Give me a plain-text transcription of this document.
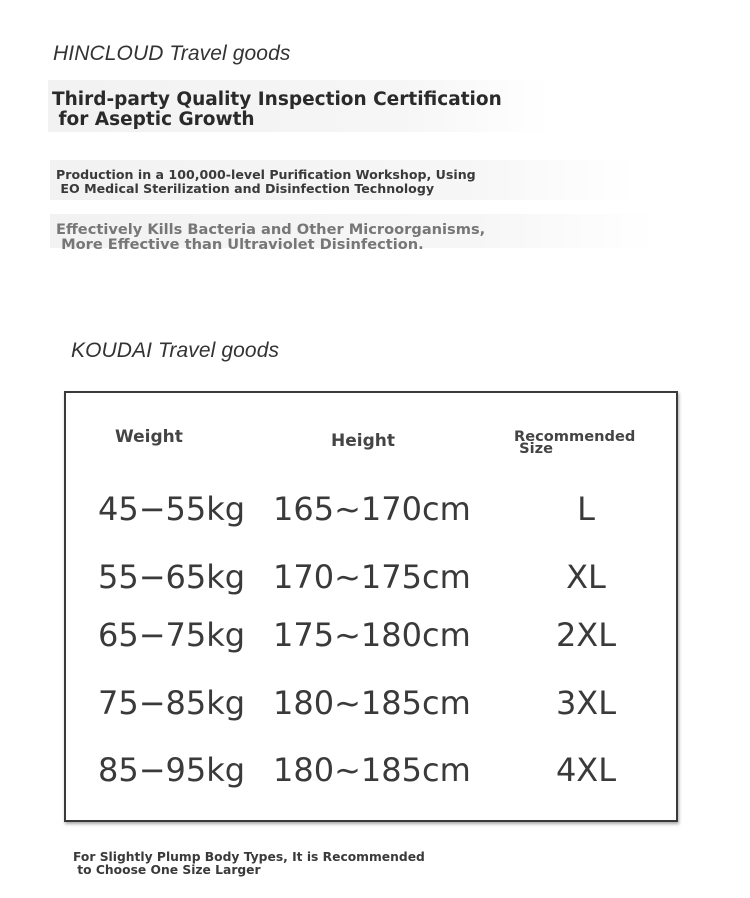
HINCLOUD Travel goods
Third-party Quality Inspection Certification
for Aseptic Growth
Production in a 100,000-level Purification Workshop, Using
EO Medical Sterilization and Disinfection Technology
Effectively Kills Bacteria and Other Microorganisms,
More Effective than Ultraviolet Disinfection.
KOUDAI Travel goods
Weight	Height	Recommended
Size
45−55kg 165~170cm	L
55−65kg 170~175cm	XL
65−75kg 175~180cm	2XL
75−85kg 180~185cm	3XL
85−95kg 180~185cm	4XL
For Slightly Plump Body Types, It is Recommended
to Choose One Size Larger
